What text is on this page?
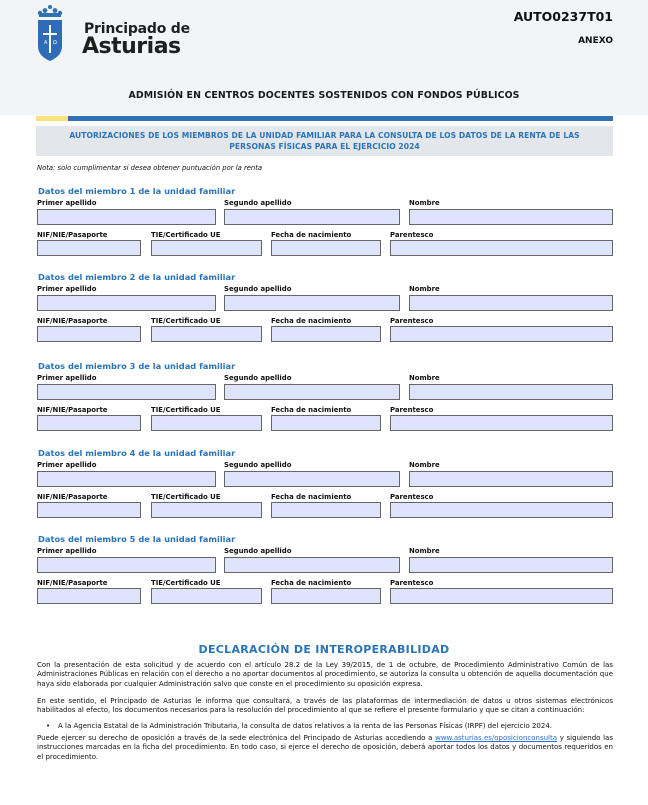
A Ω
Principado de
Asturias
AUTO0237T01
ANEXO
ADMISIÓN EN CENTROS DOCENTES SOSTENIDOS CON FONDOS PÚBLICOS
AUTORIZACIONES DE LOS MIEMBROS DE LA UNIDAD FAMILIAR PARA LA CONSULTA DE LOS DATOS DE LA RENTA DE LAS
PERSONAS FÍSICAS PARA EL EJERCICIO 2024
Nota: solo cumplimentar si desea obtener puntuación por la renta
Datos del miembro 1 de la unidad familiar
Primer apellido	Segundo apellido	Nombre
NIF/NIE/Pasaporte	TIE/Certificado UE	Fecha de nacimiento	Parentesco
Datos del miembro 2 de la unidad familiar
Primer apellido	Segundo apellido	Nombre
NIF/NIE/Pasaporte	TIE/Certificado UE	Fecha de nacimiento	Parentesco
Datos del miembro 3 de la unidad familiar
Primer apellido	Segundo apellido	Nombre
NIF/NIE/Pasaporte	TIE/Certificado UE	Fecha de nacimiento	Parentesco
Datos del miembro 4 de la unidad familiar
Primer apellido	Segundo apellido	Nombre
NIF/NIE/Pasaporte	TIE/Certificado UE	Fecha de nacimiento	Parentesco
Datos del miembro 5 de la unidad familiar
Primer apellido	Segundo apellido	Nombre
NIF/NIE/Pasaporte	TIE/Certificado UE	Fecha de nacimiento	Parentesco
DECLARACIÓN DE INTEROPERABILIDAD
Con la presentación de esta solicitud y de acuerdo con el artículo 28.2 de la Ley 39/2015, de 1 de octubre, de Procedimiento Administrativo Común de las Administraciones Públicas en relación con el derecho a no aportar documentos al procedimiento, se autoriza la consulta u obtención de aquella documentación que haya sido elaborada por cualquier Administración salvo que conste en el procedimiento su oposición expresa.
En este sentido, el Principado de Asturias le informa que consultará, a través de las plataformas de intermediación de datos u otros sistemas electrónicos habilitados al efecto, los documentos necesarios para la resolución del procedimiento al que se refiere el presente formulario y que se citan a continuación:
• A la Agencia Estatal de la Administración Tributaria, la consulta de datos relativos a la renta de las Personas Físicas (IRPF) del ejercicio 2024.
Puede ejercer su derecho de oposición a través de la sede electrónica del Principado de Asturias accediendo a www.asturias.es/oposicionconsulta y siguiendo las instrucciones marcadas en la ficha del procedimiento. En todo caso, si ejerce el derecho de oposición, deberá aportar todos los datos y documentos requeridos en el procedimiento.
